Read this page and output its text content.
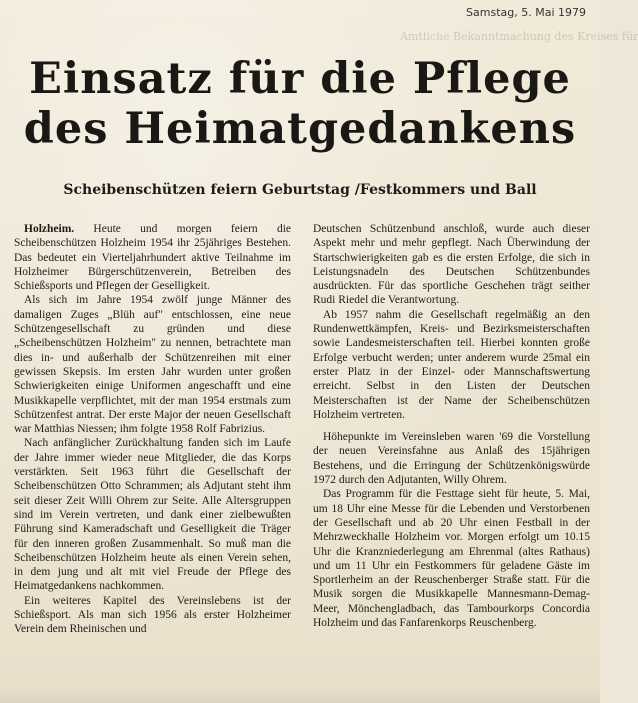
Amtliche Bekanntmachung des Kreises für
Samstag, 5. Mai 1979
Einsatz für die Pflege
des Heimatgedankens
Scheibenschützen feiern Geburtstag /Festkommers und Ball

Holzheim. Heute und morgen feiern die Scheibenschützen Holzheim 1954 ihr 25jähriges Bestehen. Das bedeutet ein Vierteljahrhundert aktive Teilnahme im Holzheimer Bürgerschützenverein, Betreiben des Schießsports und Pflegen der Geselligkeit.

Als sich im Jahre 1954 zwölf junge Männer des damaligen Zuges „Blüh auf" entschlossen, eine neue Schützengesellschaft zu gründen und diese „Scheibenschützen Holzheim" zu nennen, betrachtete man dies in- und außerhalb der Schützenreihen mit einer gewissen Skepsis. Im ersten Jahr wurden unter großen Schwierigkeiten einige Uniformen angeschafft und eine Musikkapelle verpflichtet, mit der man 1954 erstmals zum Schützenfest antrat. Der erste Major der neuen Gesellschaft war Matthias Niessen; ihm folgte 1958 Rolf Fabrizius.

Nach anfänglicher Zurückhaltung fanden sich im Laufe der Jahre immer wieder neue Mitglieder, die das Korps verstärkten. Seit 1963 führt die Gesellschaft der Scheibenschützen Otto Schrammen; als Adjutant steht ihm seit dieser Zeit Willi Ohrem zur Seite. Alle Altersgruppen sind im Verein vertreten, und dank einer zielbewußten Führung sind Kameradschaft und Geselligkeit die Träger für den inneren großen Zusammenhalt. So muß man die Scheibenschützen Holzheim heute als einen Verein sehen, in dem jung und alt mit viel Freude der Pflege des Heimatgedankens nachkommen.

Ein weiteres Kapitel des Vereinslebens ist der Schießsport. Als man sich 1956 als erster Holzheimer Verein dem Rheinischen und

Deutschen Schützenbund anschloß, wurde auch dieser Aspekt mehr und mehr gepflegt. Nach Überwindung der Startschwierigkeiten gab es die ersten Erfolge, die sich in Leistungsnadeln des Deutschen Schützenbundes ausdrückten. Für das sportliche Geschehen trägt seither Rudi Riedel die Verantwortung.

Ab 1957 nahm die Gesellschaft regelmäßig an den Rundenwettkämpfen, Kreis- und Bezirksmeisterschaften sowie Landesmeisterschaften teil. Hierbei konnten große Erfolge verbucht werden; unter anderem wurde 25mal ein erster Platz in der Einzel- oder Mannschaftswertung erreicht. Selbst in den Listen der Deutschen Meisterschaften ist der Name der Scheibenschützen Holzheim vertreten.

Höhepunkte im Vereinsleben waren '69 die Vorstellung der neuen Vereinsfahne aus Anlaß des 15jährigen Bestehens, und die Erringung der Schützenkönigswürde 1972 durch den Adjutanten, Willy Ohrem.

Das Programm für die Festtage sieht für heute, 5. Mai, um 18 Uhr eine Messe für die Lebenden und Verstorbenen der Gesellschaft und ab 20 Uhr einen Festball in der Mehrzweckhalle Holzheim vor. Morgen erfolgt um 10.15 Uhr die Kranzniederlegung am Ehrenmal (altes Rathaus) und um 11 Uhr ein Festkommers für geladene Gäste im Sportlerheim an der Reuschenberger Straße statt. Für die Musik sorgen die Musikkapelle Mannesmann-Demag-Meer, Mönchengladbach, das Tambourkorps Concordia Holzheim und das Fanfarenkorps Reuschenberg.
